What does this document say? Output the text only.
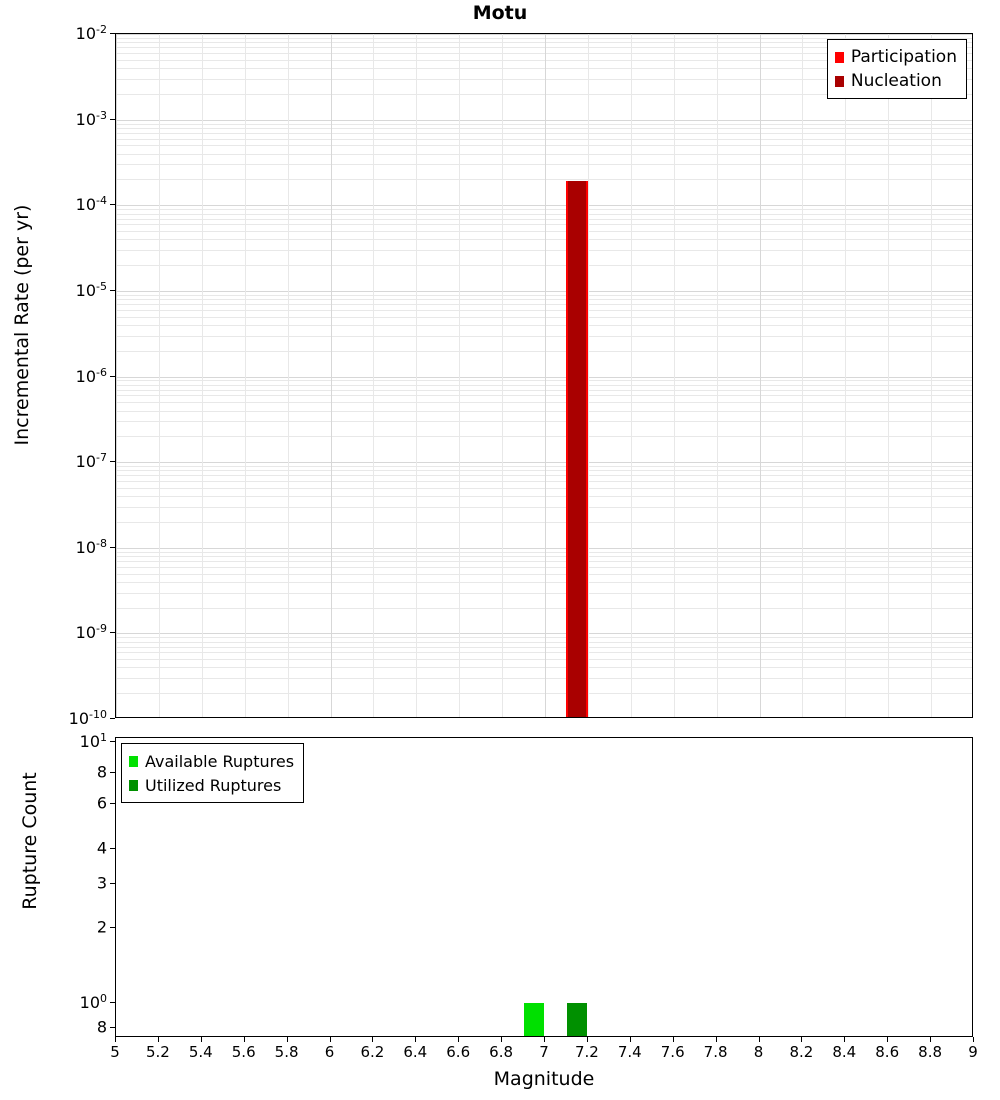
Motu
Participation
Nucleation
$10^{-2}$
$10^{-3}$
$10^{-4}$
$10^{-5}$
$10^{-6}$
$10^{-7}$
$10^{-8}$
$10^{-9}$
$10^{-10}$
Incremental Rate (per yr)
Available Ruptures
Utilized Ruptures
$10^1$
8
6
4
3
2
$10^0$
8
Rupture Count
5 5.2 5.4 5.6 5.8 6 6.2 6.4 6.6 6.8 7 7.2 7.4 7.6 7.8 8 8.2 8.4 8.6 8.8 9
Magnitude
